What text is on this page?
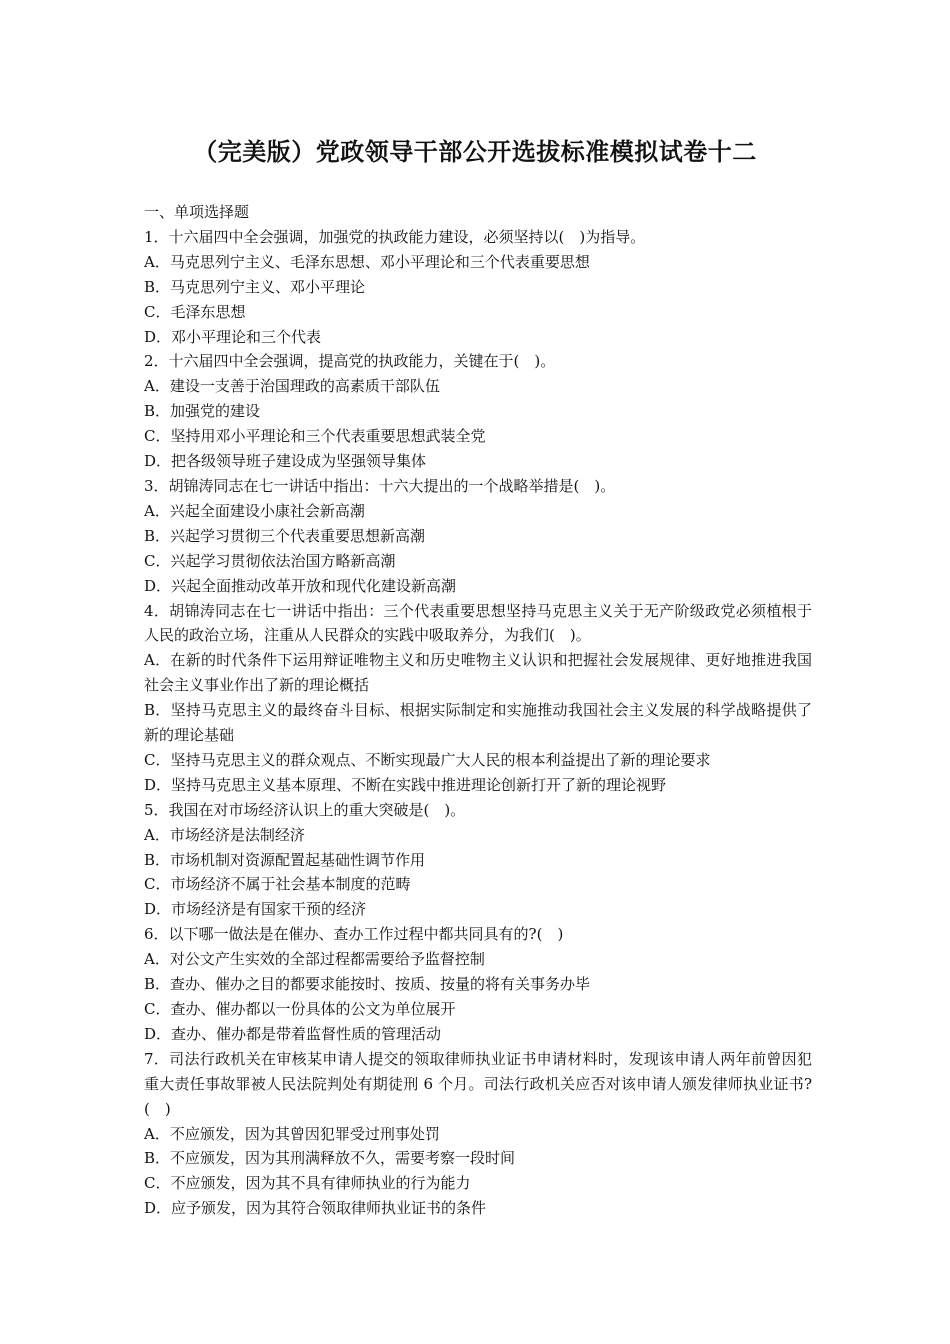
（完美版）党政领导干部公开选拔标准模拟试卷十二

一、单项选择题

1．十六届四中全会强调，加强党的执政能力建设，必须坚持以(　)为指导。

A．马克思列宁主义、毛泽东思想、邓小平理论和三个代表重要思想

B．马克思列宁主义、邓小平理论

C．毛泽东思想

D．邓小平理论和三个代表

2．十六届四中全会强调，提高党的执政能力，关键在于(　)。

A．建设一支善于治国理政的高素质干部队伍

B．加强党的建设

C．坚持用邓小平理论和三个代表重要思想武装全党

D．把各级领导班子建设成为坚强领导集体

3．胡锦涛同志在七一讲话中指出：十六大提出的一个战略举措是(　)。

A．兴起全面建设小康社会新高潮

B．兴起学习贯彻三个代表重要思想新高潮

C．兴起学习贯彻依法治国方略新高潮

D．兴起全面推动改革开放和现代化建设新高潮

4．胡锦涛同志在七一讲话中指出：三个代表重要思想坚持马克思主义关于无产阶级政党必须植根于人民的政治立场，注重从人民群众的实践中吸取养分，为我们(　)。

A．在新的时代条件下运用辩证唯物主义和历史唯物主义认识和把握社会发展规律、更好地推进我国社会主义事业作出了新的理论概括

B．坚持马克思主义的最终奋斗目标、根据实际制定和实施推动我国社会主义发展的科学战略提供了新的理论基础

C．坚持马克思主义的群众观点、不断实现最广大人民的根本利益提出了新的理论要求

D．坚持马克思主义基本原理、不断在实践中推进理论创新打开了新的理论视野

5．我国在对市场经济认识上的重大突破是(　)。

A．市场经济是法制经济

B．市场机制对资源配置起基础性调节作用

C．市场经济不属于社会基本制度的范畴

D．市场经济是有国家干预的经济

6．以下哪一做法是在催办、查办工作过程中都共同具有的?(　)

A．对公文产生实效的全部过程都需要给予监督控制

B．查办、催办之目的都要求能按时、按质、按量的将有关事务办毕

C．查办、催办都以一份具体的公文为单位展开

D．查办、催办都是带着监督性质的管理活动

7．司法行政机关在审核某申请人提交的领取律师执业证书申请材料时，发现该申请人两年前曾因犯重大责任事故罪被人民法院判处有期徒刑 6 个月。司法行政机关应否对该申请人颁发律师执业证书?(　)

A．不应颁发，因为其曾因犯罪受过刑事处罚

B．不应颁发，因为其刑满释放不久，需要考察一段时间

C．不应颁发，因为其不具有律师执业的行为能力

D．应予颁发，因为其符合领取律师执业证书的条件
